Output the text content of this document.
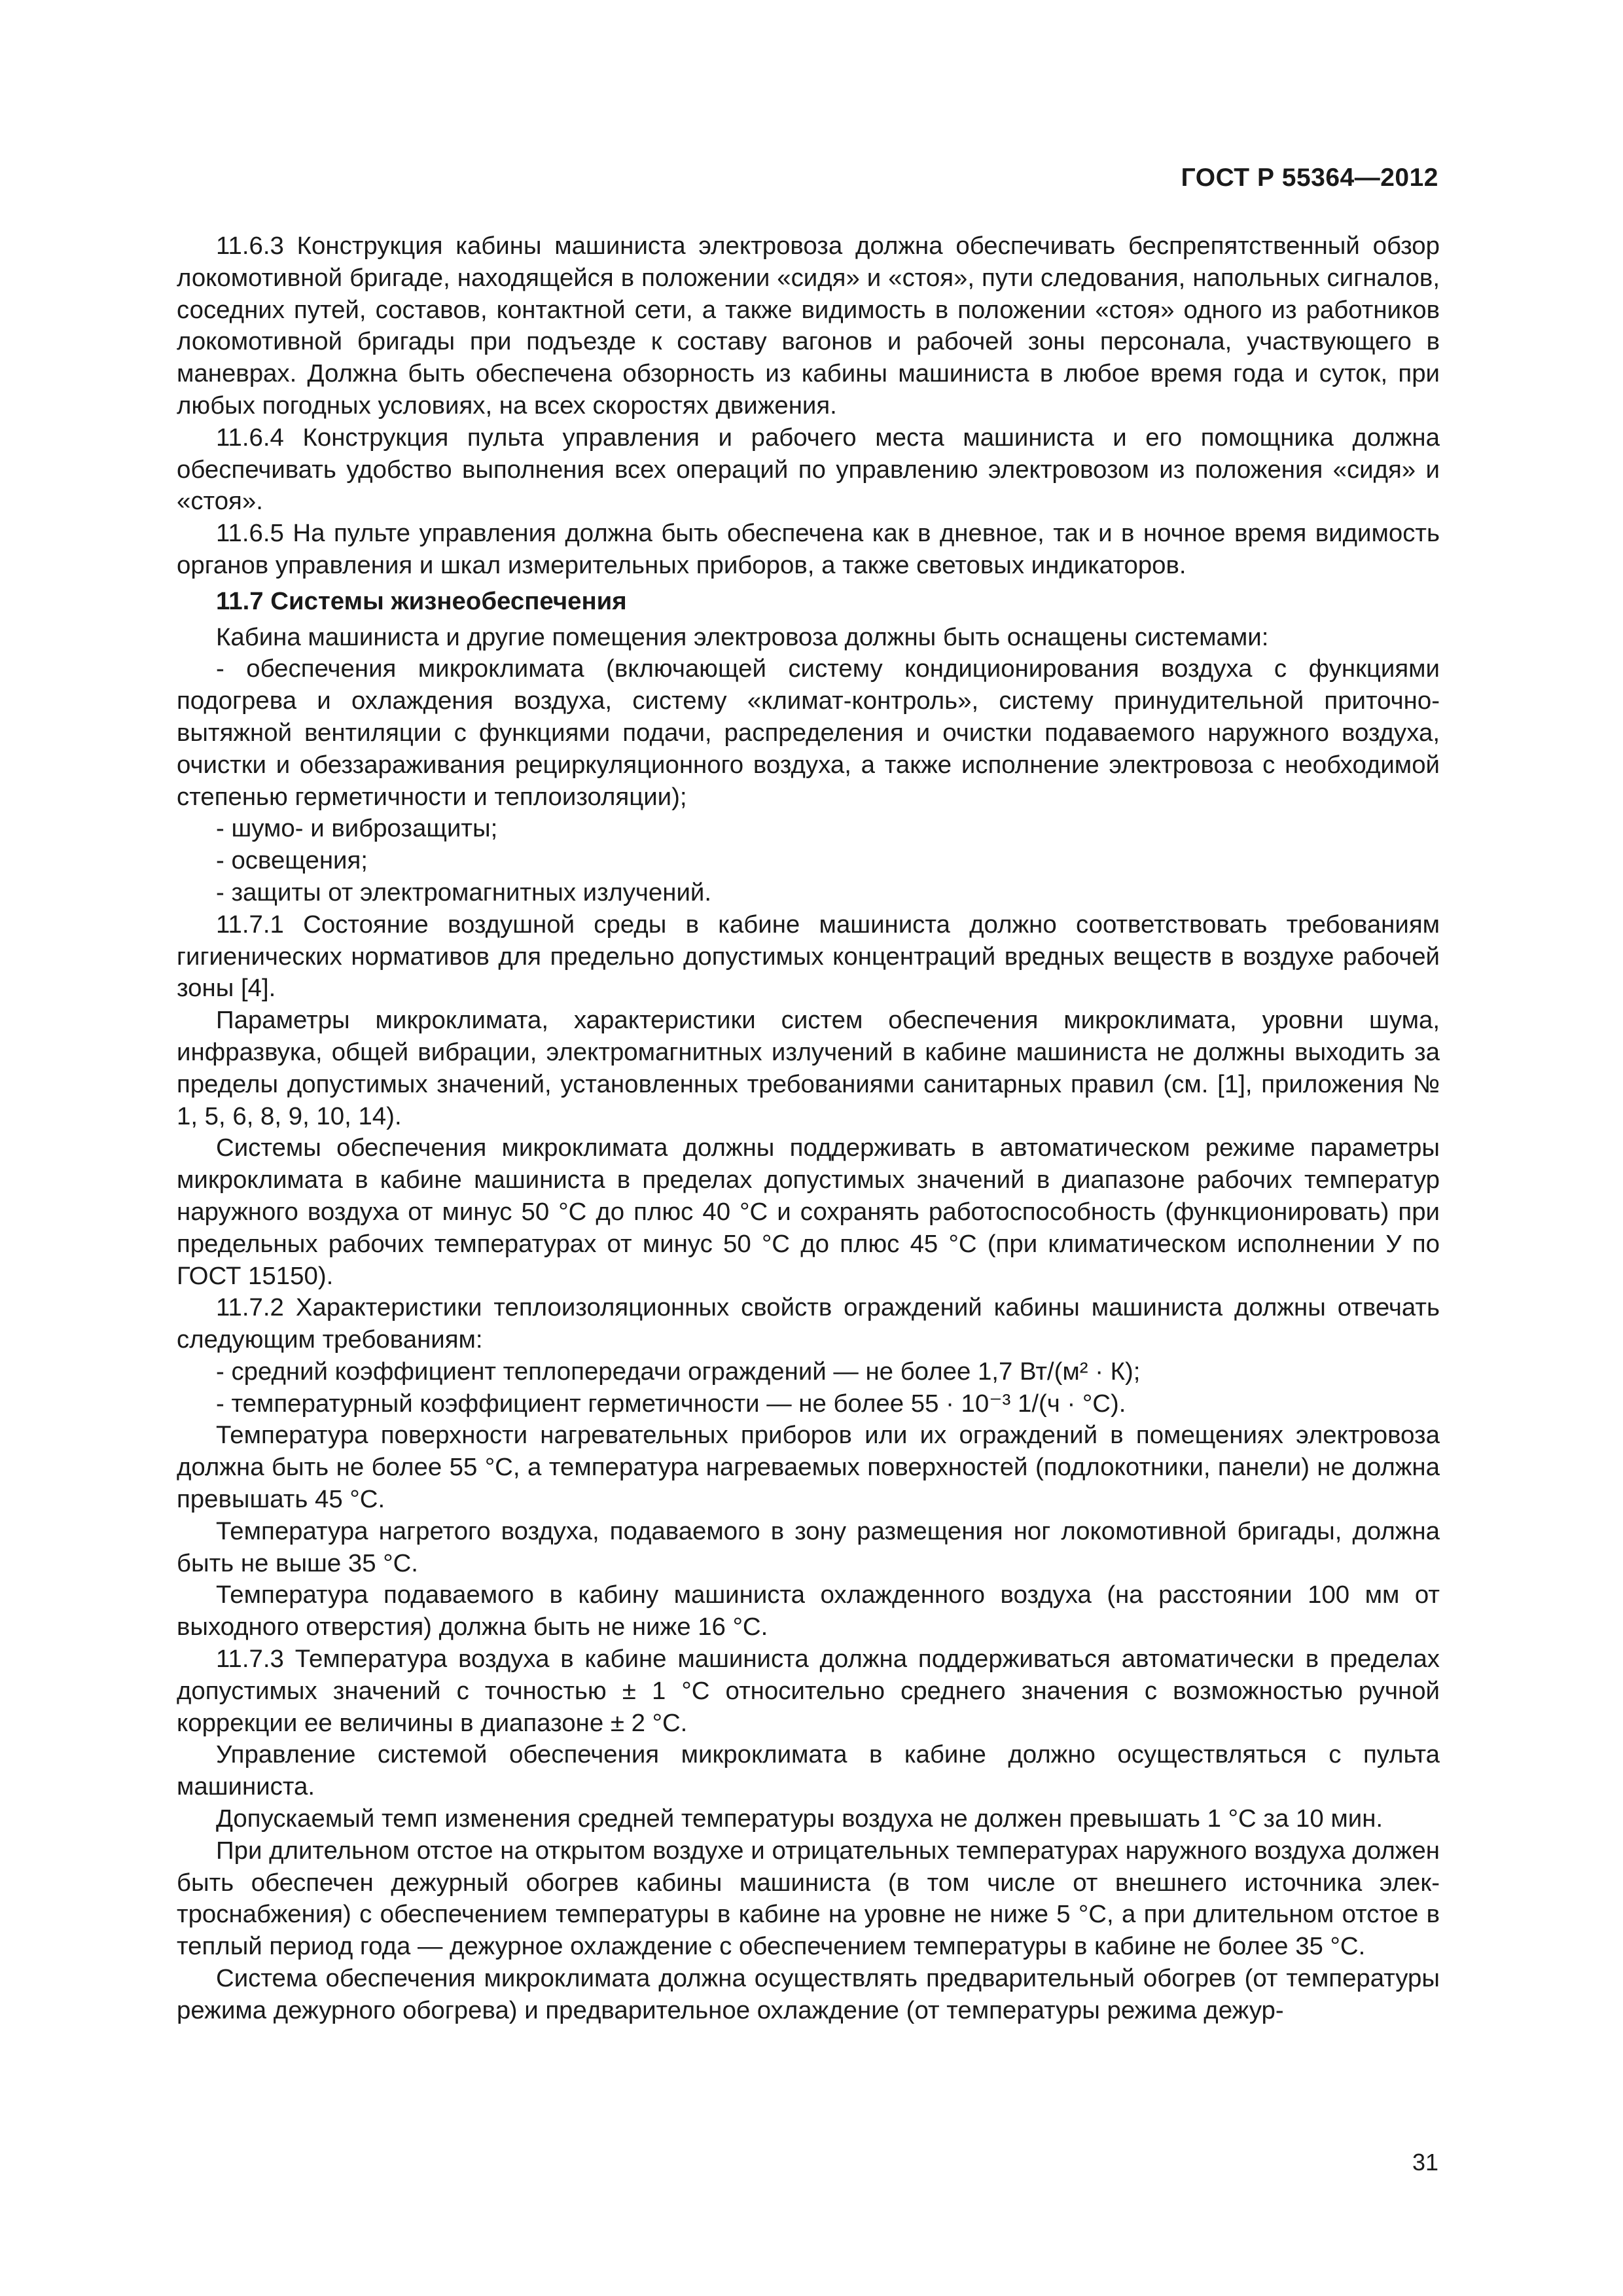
ГОСТ Р 55364—2012

11.6.3 Конструкция кабины машиниста электровоза должна обеспечивать беспрепятственный обзор локомотивной бригаде, находящейся в положении «сидя» и «стоя», пути следования, напольных сигналов, соседних путей, составов, контактной сети, а также видимость в положении «стоя» одного из работников локомотивной бригады при подъезде к составу вагонов и рабочей зоны персонала, участвующего в маневрах. Должна быть обеспечена обзорность из кабины машиниста в любое время года и суток, при любых погодных условиях, на всех скоростях движения.

11.6.4 Конструкция пульта управления и рабочего места машиниста и его помощника должна обеспечивать удобство выполнения всех операций по управлению электровозом из положения «сидя» и «стоя».

11.6.5 На пульте управления должна быть обеспечена как в дневное, так и в ночное время видимость органов управления и шкал измерительных приборов, а также световых индикаторов.

11.7 Системы жизнеобеспечения

Кабина машиниста и другие помещения электровоза должны быть оснащены системами:

- обеспечения микроклимата (включающей систему кондиционирования воздуха с функциями подогрева и охлаждения воздуха, систему «климат-контроль», систему принудительной приточно-вытяжной вентиляции с функциями подачи, распределения и очистки подаваемого наружного воздуха, очистки и обеззараживания рециркуляционного воздуха, а также исполнение электровоза с необходимой степенью герметичности и теплоизоляции);

- шумо- и виброзащиты;

- освещения;

- защиты от электромагнитных излучений.

11.7.1 Состояние воздушной среды в кабине машиниста должно соответствовать требованиям гигиенических нормативов для предельно допустимых концентраций вредных веществ в воздухе рабочей зоны [4].

Параметры микроклимата, характеристики систем обеспечения микроклимата, уровни шума, инфразвука, общей вибрации, электромагнитных излучений в кабине машиниста не должны выходить за пределы допустимых значений, установленных требованиями санитарных правил (см. [1], приложения № 1, 5, 6, 8, 9, 10, 14).

Системы обеспечения микроклимата должны поддерживать в автоматическом режиме параметры микроклимата в кабине машиниста в пределах допустимых значений в диапазоне рабочих температур наружного воздуха от минус 50 °С до плюс 40 °С и сохранять работоспособность (функционировать) при предельных рабочих температурах от минус 50 °С до плюс 45 °С (при климатическом исполнении У по ГОСТ 15150).

11.7.2 Характеристики теплоизоляционных свойств ограждений кабины машиниста должны отвечать следующим требованиям:

- средний коэффициент теплопередачи ограждений — не более 1,7 Вт/(м² · К);

- температурный коэффициент герметичности — не более 55 · 10⁻³ 1/(ч · °С).

Температура поверхности нагревательных приборов или их ограждений в помещениях электровоза должна быть не более 55 °С, а температура нагреваемых поверхностей (подлокотники, панели) не должна превышать 45 °С.

Температура нагретого воздуха, подаваемого в зону размещения ног локомотивной бригады, должна быть не выше 35 °С.

Температура подаваемого в кабину машиниста охлажденного воздуха (на расстоянии 100 мм от выходного отверстия) должна быть не ниже 16 °С.

11.7.3 Температура воздуха в кабине машиниста должна поддерживаться автоматически в пределах допустимых значений с точностью ± 1 °С относительно среднего значения с возможностью ручной коррекции ее величины в диапазоне ± 2 °С.

Управление системой обеспечения микроклимата в кабине должно осуществляться с пульта машиниста.

Допускаемый темп изменения средней температуры воздуха не должен превышать 1 °С за 10 мин.

При длительном отстое на открытом воздухе и отрицательных температурах наружного воздуха должен быть обеспечен дежурный обогрев кабины машиниста (в том числе от внешнего источника электроснабжения) с обеспечением температуры в кабине на уровне не ниже 5 °С, а при длительном отстое в теплый период года — дежурное охлаждение с обеспечением температуры в кабине не более 35 °С.

Система обеспечения микроклимата должна осуществлять предварительный обогрев (от температуры режима дежурного обогрева) и предварительное охлаждение (от температуры режима дежур-

31
